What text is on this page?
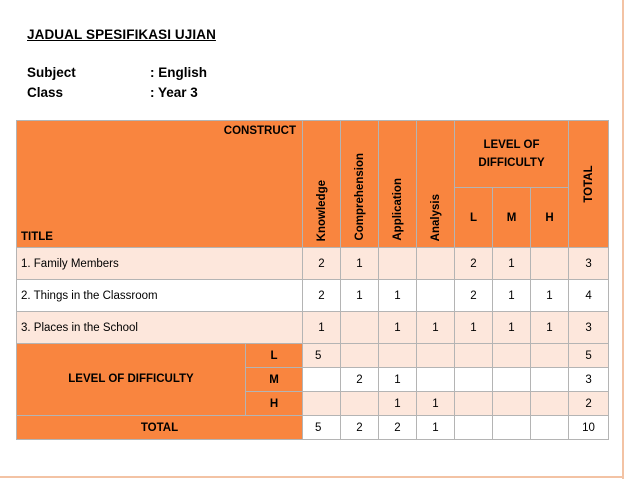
JADUAL SPESIFIKASI UJIAN
Subject	: English
Class	: Year 3
CONSTRUCT
TITLE		Knowledge	Comprehension	Application	Analysis	LEVEL OF DIFFICULTY			TOTAL

						L	M	H	
1. Family Members		2	1			2	1		3
2. Things in the Classroom		2	1	1		2	1	1	4
3. Places in the School		1		1	1	1	1	1	3
LEVEL OF DIFFICULTY	L	5							5
	M		2	1					3
	H			1	1				2
TOTAL		5	2	2	1				10
